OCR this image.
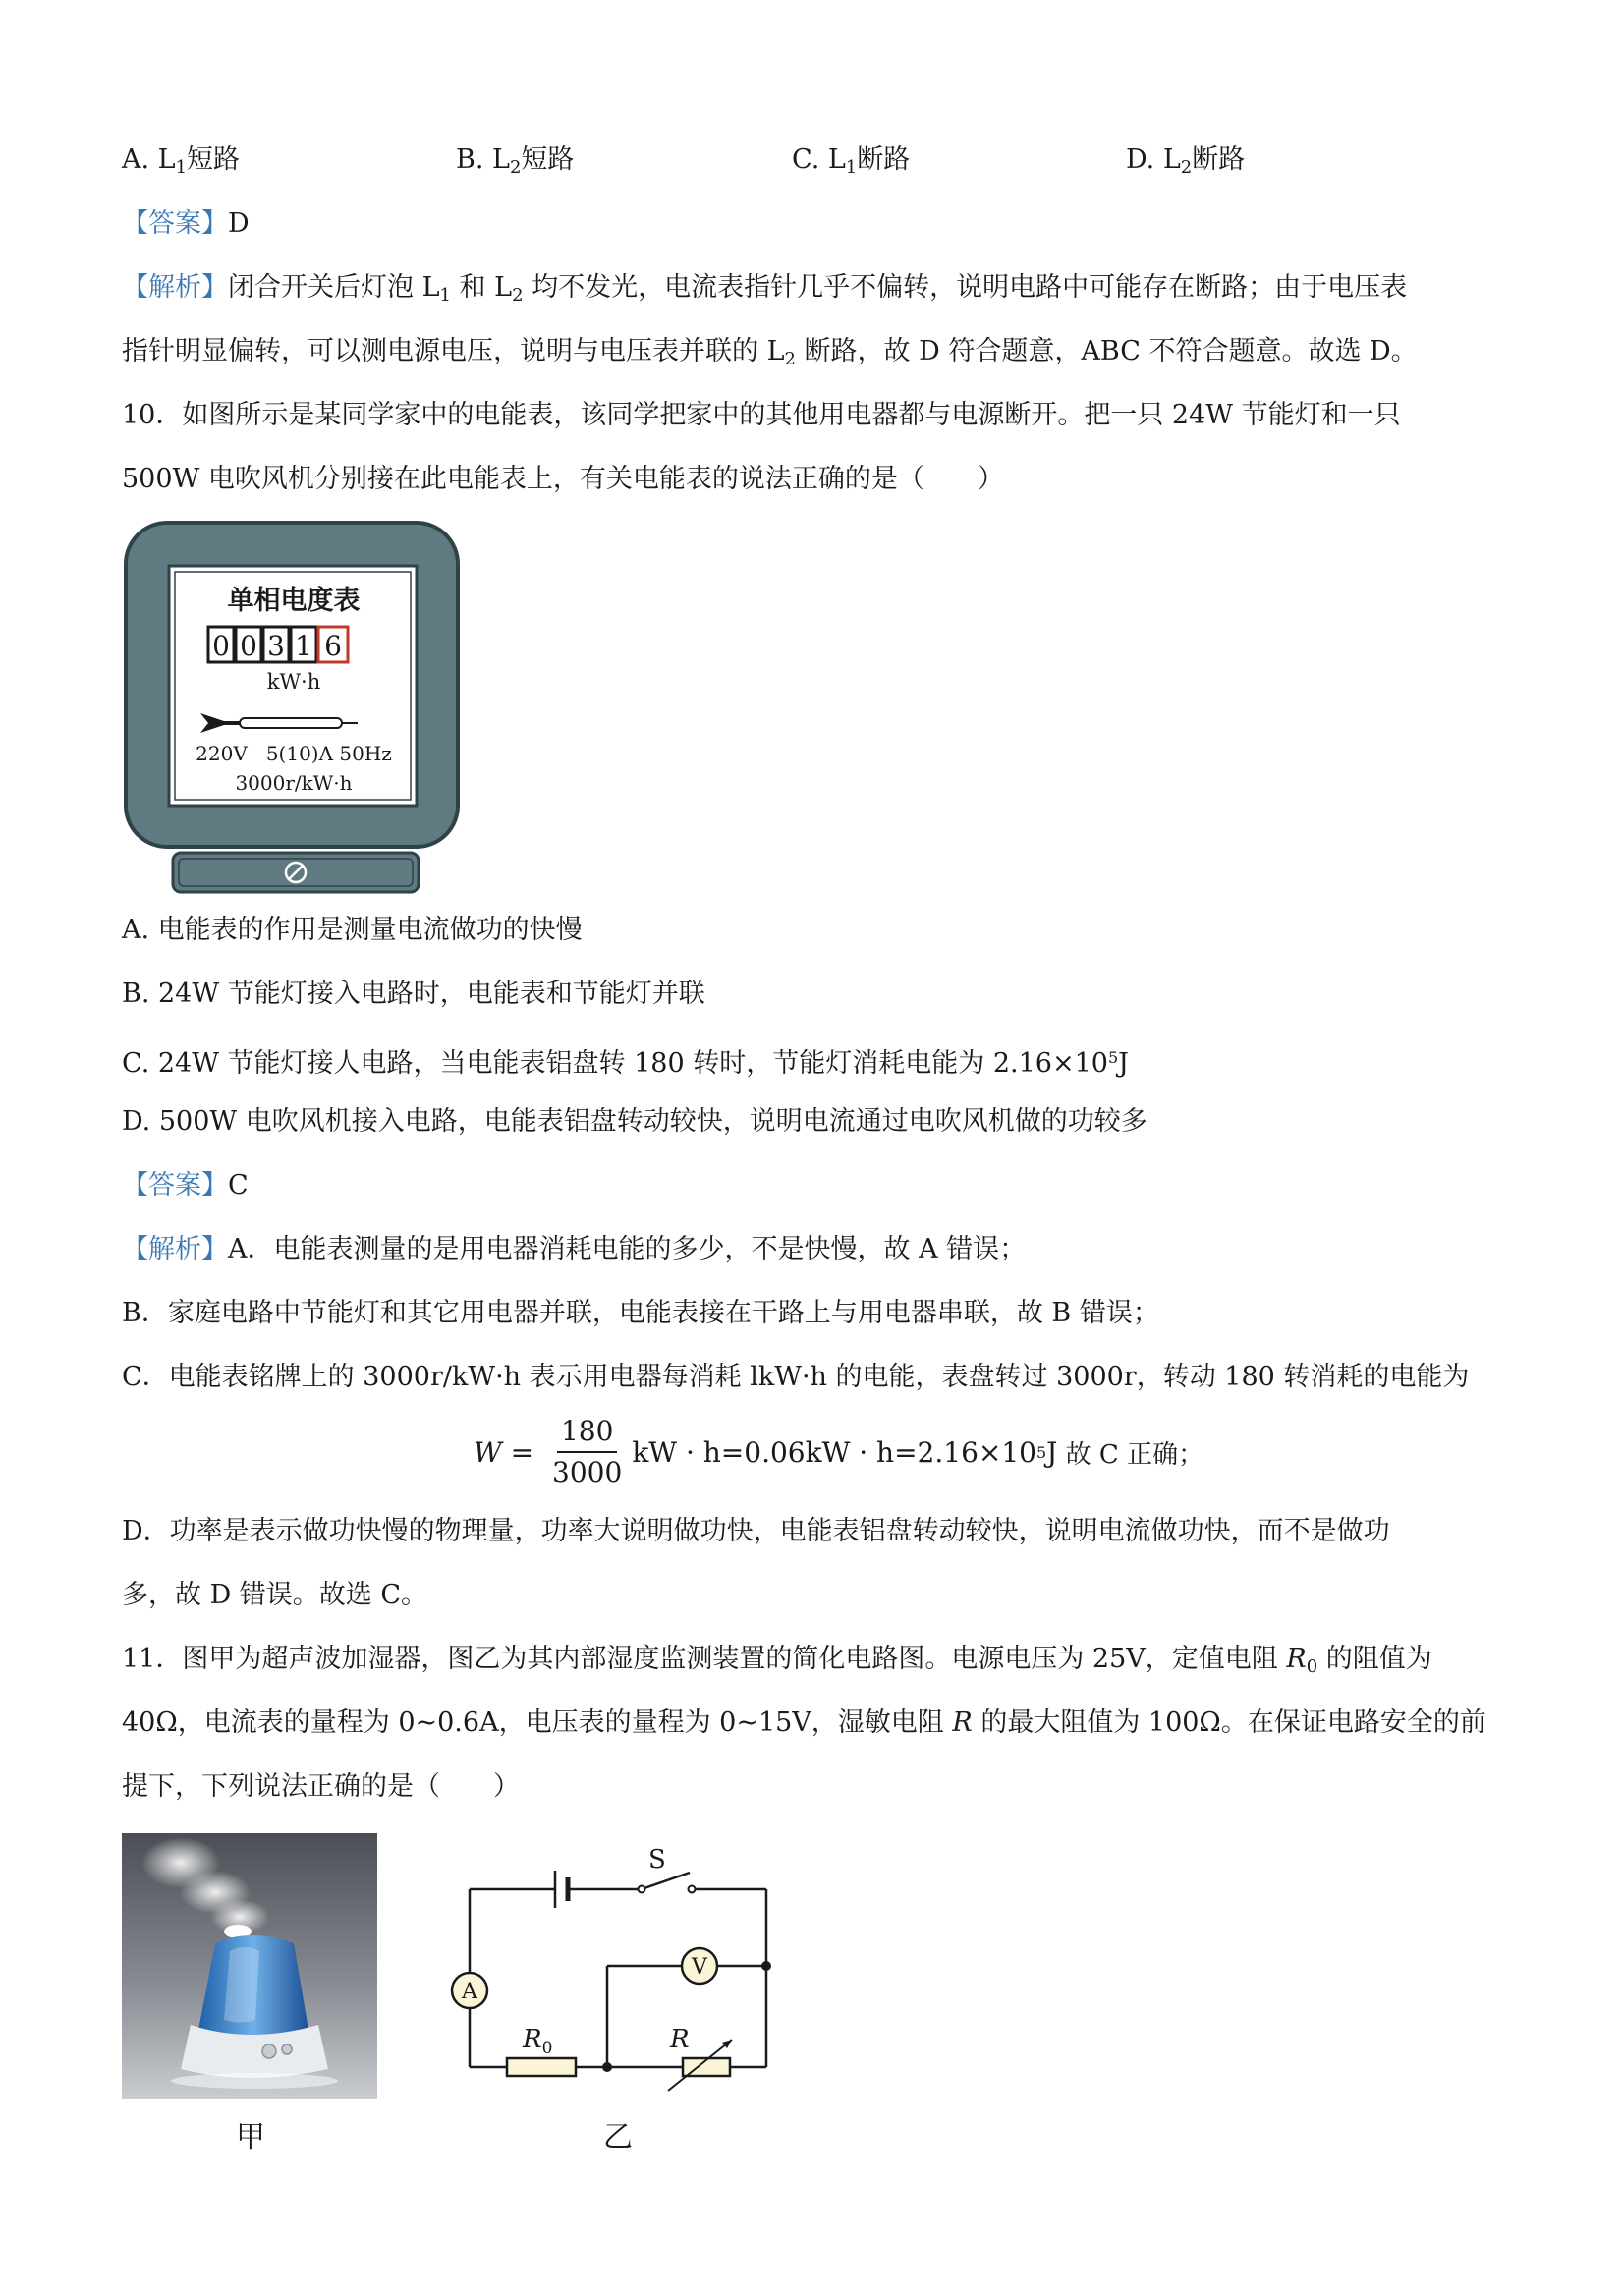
A. $L_1$短路	B. $L_2$短路	C. $L_1$断路	D. $L_2$断路
【答案】D
【解析】闭合开关后灯泡 $L_1$ 和 $L_2$ 均不发光，电流表指针几乎不偏转，说明电路中可能存在断路；由于电压表
指针明显偏转，可以测电源电压，说明与电压表并联的 $L_2$ 断路，故 D 符合题意，ABC 不符合题意。故选 D。
10．如图所示是某同学家中的电能表，该同学把家中的其他用电器都与电源断开。把一只 24W 节能灯和一只
500W 电吹风机分别接在此电能表上，有关电能表的说法正确的是（　　）
单相电度表
0 0 3 1 6
kW·h
220V   5(10)A 50Hz
3000r/kW·h
A. 电能表的作用是测量电流做功的快慢
B. 24W 节能灯接入电路时，电能表和节能灯并联
C. 24W 节能灯接人电路，当电能表铝盘转 180 转时，节能灯消耗电能为 $2.16\times 10^5J$
D. 500W 电吹风机接入电路，电能表铝盘转动较快，说明电流通过电吹风机做的功较多
【答案】C
【解析】A．电能表测量的是用电器消耗电能的多少，不是快慢，故 A 错误；
B．家庭电路中节能灯和其它用电器并联，电能表接在干路上与用电器串联，故 B 错误；
C．电能表铭牌上的 3000r/kW·h 表示用电器每消耗 lkW·h 的电能，表盘转过 3000r，转动 180 转消耗的电能为
$W = \frac{180}{3000}$ kW · h=0.06kW · h=2.16×10 5 J 故 C 正确；
D．功率是表示做功快慢的物理量，功率大说明做功快，电能表铝盘转动较快，说明电流做功快，而不是做功
多，故 D 错误。故选 C。
11．图甲为超声波加湿器，图乙为其内部湿度监测装置的简化电路图。电源电压为 25V，定值电阻 $R_0$ 的阻值为
40Ω，电流表的量程为 0~0.6A，电压表的量程为 0~15V，湿敏电阻 R 的最大阻值为 100Ω。在保证电路安全的前
提下，下列说法正确的是（　　）
S
A
V
$R_0$	R
甲	乙
